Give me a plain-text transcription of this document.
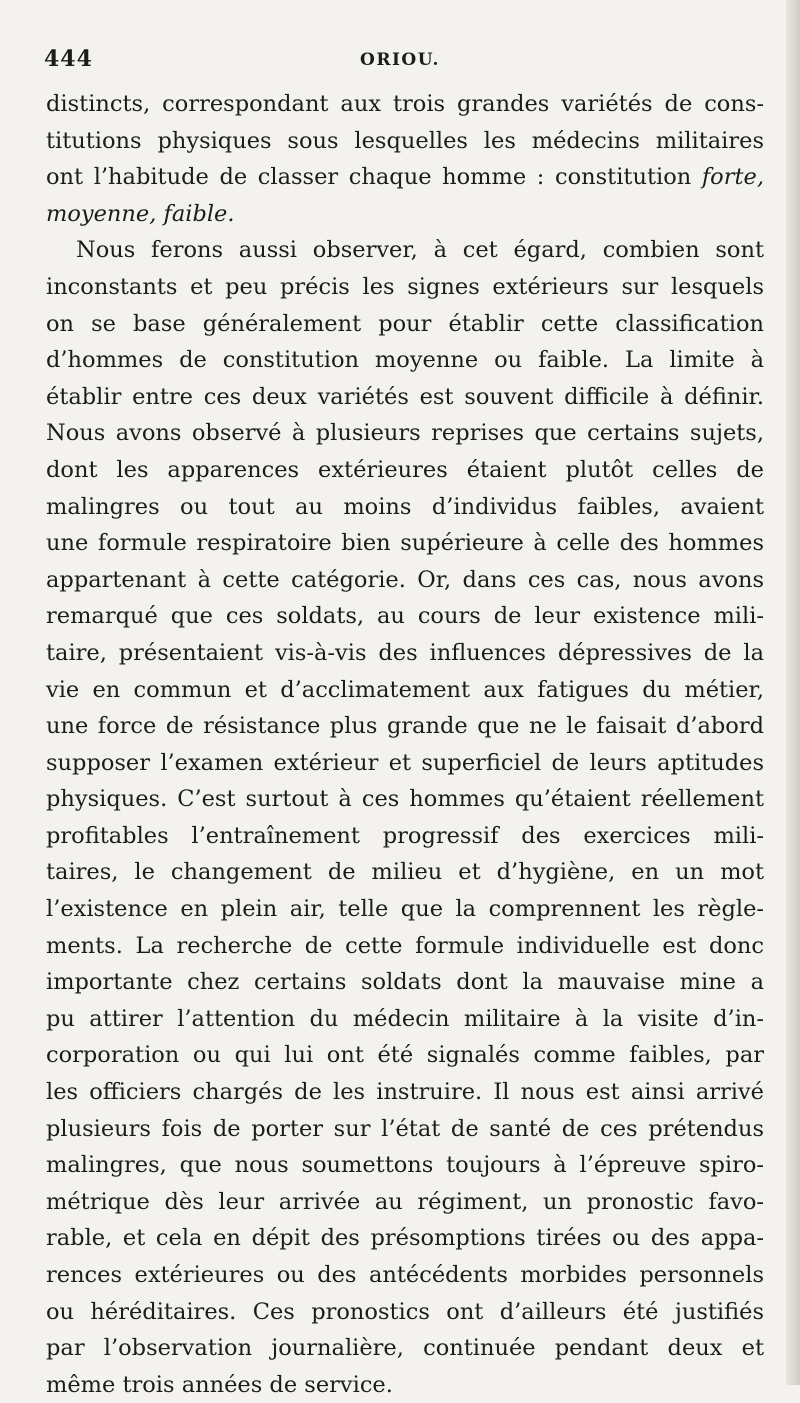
444	ORIOU.
distincts, correspondant aux trois grandes variétés de cons-
titutions physiques sous lesquelles les médecins militaires
ont l’habitude de classer chaque homme : constitution forte,
moyenne, faible.
Nous ferons aussi observer, à cet égard, combien sont
inconstants et peu précis les signes extérieurs sur lesquels
on se base généralement pour établir cette classification
d’hommes de constitution moyenne ou faible. La limite à
établir entre ces deux variétés est souvent difficile à définir.
Nous avons observé à plusieurs reprises que certains sujets,
dont les apparences extérieures étaient plutôt celles de
malingres ou tout au moins d’individus faibles, avaient
une formule respiratoire bien supérieure à celle des hommes
appartenant à cette catégorie. Or, dans ces cas, nous avons
remarqué que ces soldats, au cours de leur existence mili-
taire, présentaient vis-à-vis des influences dépressives de la
vie en commun et d’acclimatement aux fatigues du métier,
une force de résistance plus grande que ne le faisait d’abord
supposer l’examen extérieur et superficiel de leurs aptitudes
physiques. C’est surtout à ces hommes qu’étaient réellement
profitables l’entraînement progressif des exercices mili-
taires, le changement de milieu et d’hygiène, en un mot
l’existence en plein air, telle que la comprennent les règle-
ments. La recherche de cette formule individuelle est donc
importante chez certains soldats dont la mauvaise mine a
pu attirer l’attention du médecin militaire à la visite d’in-
corporation ou qui lui ont été signalés comme faibles, par
les officiers chargés de les instruire. Il nous est ainsi arrivé
plusieurs fois de porter sur l’état de santé de ces prétendus
malingres, que nous soumettons toujours à l’épreuve spiro-
métrique dès leur arrivée au régiment, un pronostic favo-
rable, et cela en dépit des présomptions tirées ou des appa-
rences extérieures ou des antécédents morbides personnels
ou héréditaires. Ces pronostics ont d’ailleurs été justifiés
par l’observation journalière, continuée pendant deux et
même trois années de service.
